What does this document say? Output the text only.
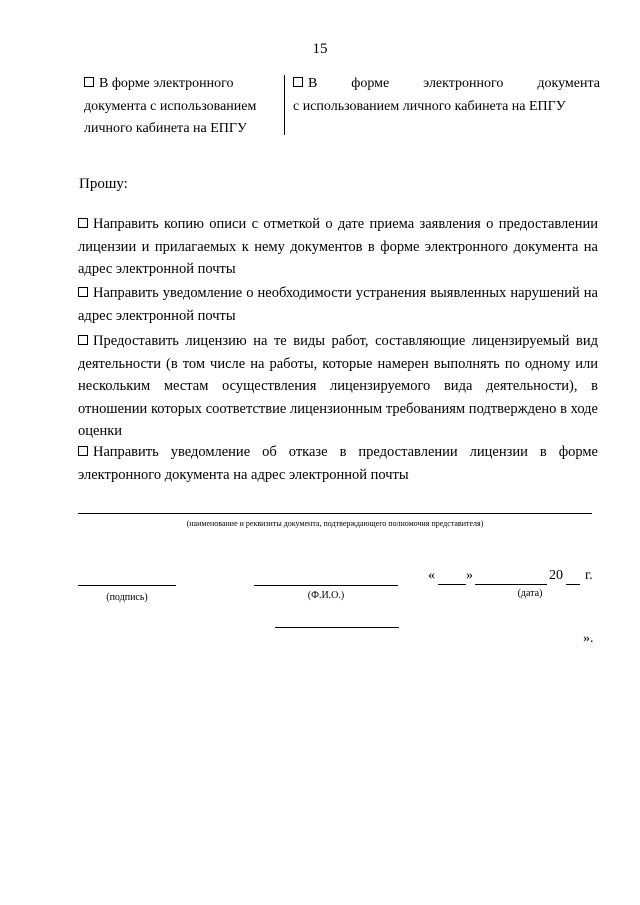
15
В форме электронного документа с использованием личного кабинета на ЕПГУ
В форме электронного документа
с использованием личного кабинета на ЕПГУ
Прошу:
Направить копию описи с отметкой о дате приема заявления о предоставлении лицензии и прилагаемых к нему документов в форме электронного документа на адрес электронной почты
Направить уведомление о необходимости устранения выявленных нарушений на адрес электронной почты
Предоставить лицензию на те виды работ, составляющие лицензируемый вид деятельности (в том числе на работы, которые намерен выполнять по одному или нескольким местам осуществления лицензируемого вида деятельности), в отношении которых соответствие лицензионным требованиям подтверждено в ходе оценки
Направить уведомление об отказе в предоставлении лицензии в форме электронного документа на адрес электронной почты
(наименование и реквизиты документа, подтверждающего полномочия представителя)
(подпись)	(Ф.И.О.)
« »	20 г.
(дата)
».
